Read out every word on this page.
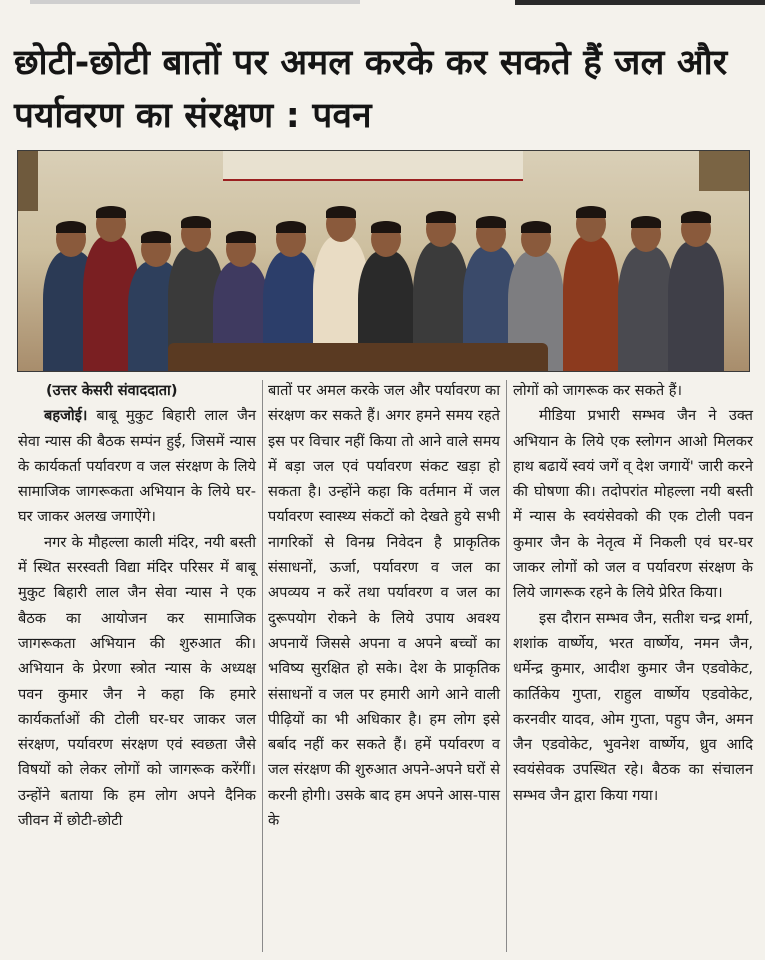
छोटी-छोटी बातों पर अमल करके कर सकते हैं जल और पर्यावरण का संरक्षण : पवन

(उत्तर केसरी संवाददाता)

बहजोई। बाबू मुकुट बिहारी लाल जैन सेवा न्यास की बैठक सम्पंन हुई, जिसमें न्यास के कार्यकर्ता पर्यावरण व जल संरक्षण के लिये सामाजिक जागरूकता अभियान के लिये घर-घर जाकर अलख जगाऐंगे।

नगर के मौहल्ला काली मंदिर, नयी बस्ती में स्थित सरस्वती विद्या मंदिर परिसर में बाबू मुकुट बिहारी लाल जैन सेवा न्यास ने एक बैठक का आयोजन कर सामाजिक जागरूकता अभियान की शुरुआत की। अभियान के प्रेरणा स्त्रोत न्यास के अध्यक्ष पवन कुमार जैन ने कहा कि हमारे कार्यकर्ताओं की टोली घर-घर जाकर जल संरक्षण, पर्यावरण संरक्षण एवं स्वछता जैसे विषयों को लेकर लोगों को जागरूक करेंगीं। उन्होंने बताया कि हम लोग अपने दैनिक जीवन में छोटी-छोटी

बातों पर अमल करके जल और पर्यावरण का संरक्षण कर सकते हैं। अगर हमने समय रहते इस पर विचार नहीं किया तो आने वाले समय में बड़ा जल एवं पर्यावरण संकट खड़ा हो सकता है। उन्होंने कहा कि वर्तमान में जल पर्यावरण स्वास्थ्य संकटों को देखते हुये सभी नागरिकों से विनम्र निवेदन है प्राकृतिक संसाधनों, ऊर्जा, पर्यावरण व जल का अपव्यय न करें तथा पर्यावरण व जल का दुरूपयोग रोकने के लिये उपाय अवश्य अपनायें जिससे अपना व अपने बच्चों का भविष्य सुरक्षित हो सके। देश के प्राकृतिक संसाधनों व जल पर हमारी आगे आने वाली पीढ़ियों का भी अधिकार है। हम लोग इसे बर्बाद नहीं कर सकते हैं। हमें पर्यावरण व जल संरक्षण की शुरुआत अपने-अपने घरों से करनी होगी। उसके बाद हम अपने आस-पास के

लोगों को जागरूक कर सकते हैं।

मीडिया प्रभारी सम्भव जैन ने उक्त अभियान के लिये एक स्लोगन आओ मिलकर हाथ बढायें स्वयं जगें व् देश जगायें' जारी करने की घोषणा की। तदोपरांत मोहल्ला नयी बस्ती में न्यास के स्वयंसेवको की एक टोली पवन कुमार जैन के नेतृत्व में निकली एवं घर-घर जाकर लोगों को जल व पर्यावरण संरक्षण के लिये जागरूक रहने के लिये प्रेरित किया।

इस दौरान सम्भव जैन, सतीश चन्द्र शर्मा, शशांक वार्ष्णेय, भरत वार्ष्णेय, नमन जैन, धर्मेन्द्र कुमार, आदीश कुमार जैन एडवोकेट, कार्तिकेय गुप्ता, राहुल वार्ष्णेय एडवोकेट, करनवीर यादव, ओम गुप्ता, पहुप जैन, अमन जैन एडवोकेट, भुवनेश वार्ष्णेय, ध्रुव आदि स्वयंसेवक उपस्थित रहे। बैठक का संचालन सम्भव जैन द्वारा किया गया।
